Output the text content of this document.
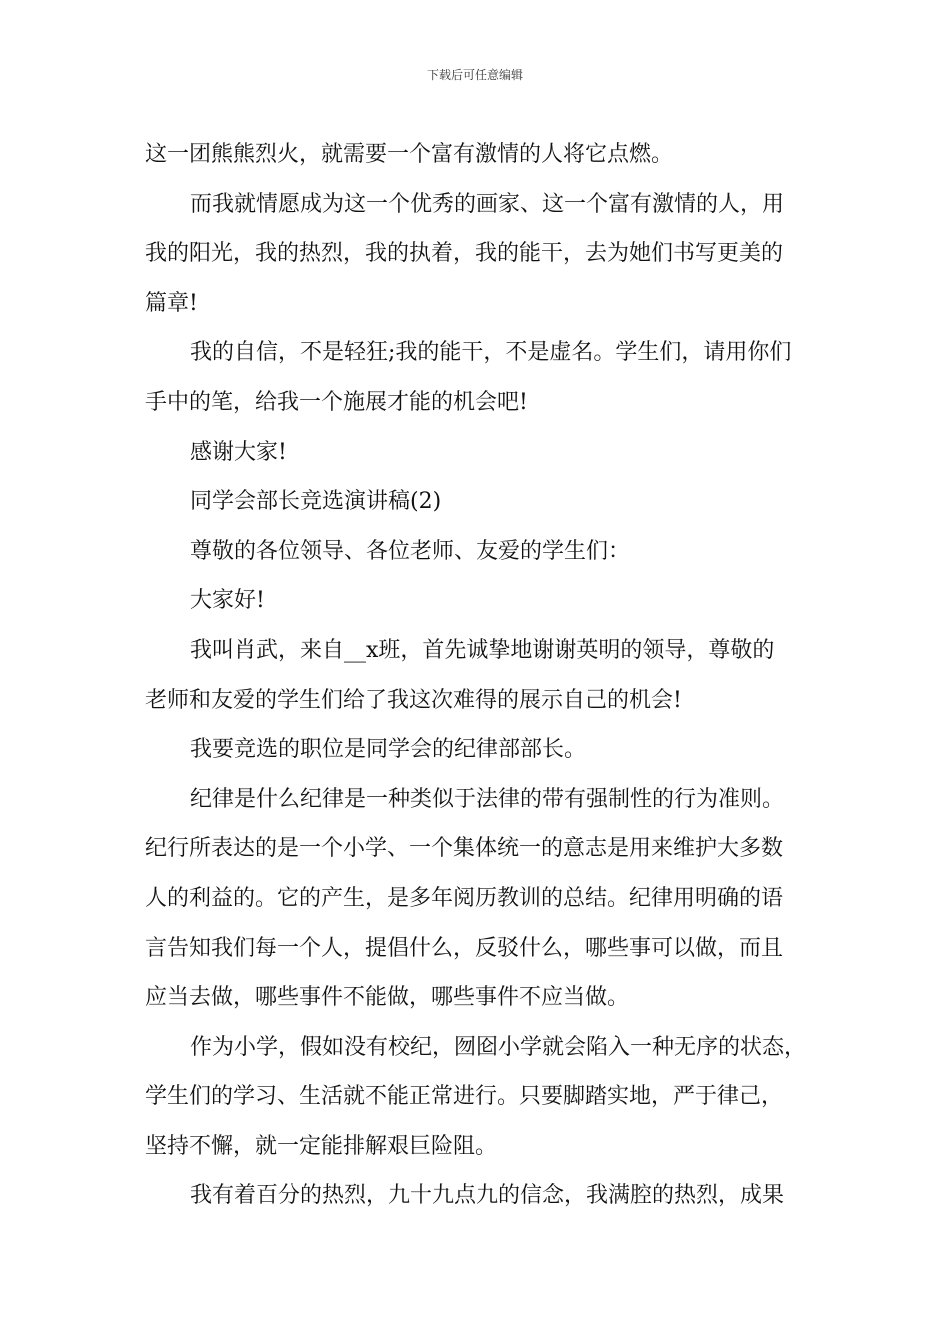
下载后可任意编辑
这一团熊熊烈火，就需要一个富有激情的人将它点燃。
而我就情愿成为这一个优秀的画家、这一个富有激情的人，用
我的阳光，我的热烈，我的执着，我的能干，去为她们书写更美的
篇章!
我的自信，不是轻狂;我的能干，不是虚名。学生们，请用你们
手中的笔，给我一个施展才能的机会吧!
感谢大家!
同学会部长竞选演讲稿(2)
尊敬的各位领导、各位老师、友爱的学生们：
大家好!
我叫肖武，来自__x班，首先诚挚地谢谢英明的领导，尊敬的
老师和友爱的学生们给了我这次难得的展示自己的机会!
我要竞选的职位是同学会的纪律部部长。
纪律是什么纪律是一种类似于法律的带有强制性的行为准则。
纪行所表达的是一个小学、一个集体统一的意志是用来维护大多数
人的利益的。它的产生，是多年阅历教训的总结。纪律用明确的语
言告知我们每一个人，提倡什么，反驳什么，哪些事可以做，而且
应当去做，哪些事件不能做，哪些事件不应当做。
作为小学，假如没有校纪，囫囵小学就会陷入一种无序的状态，
学生们的学习、生活就不能正常进行。只要脚踏实地，严于律己，
坚持不懈，就一定能排解艰巨险阻。
我有着百分的热烈，九十九点九的信念，我满腔的热烈，成果
